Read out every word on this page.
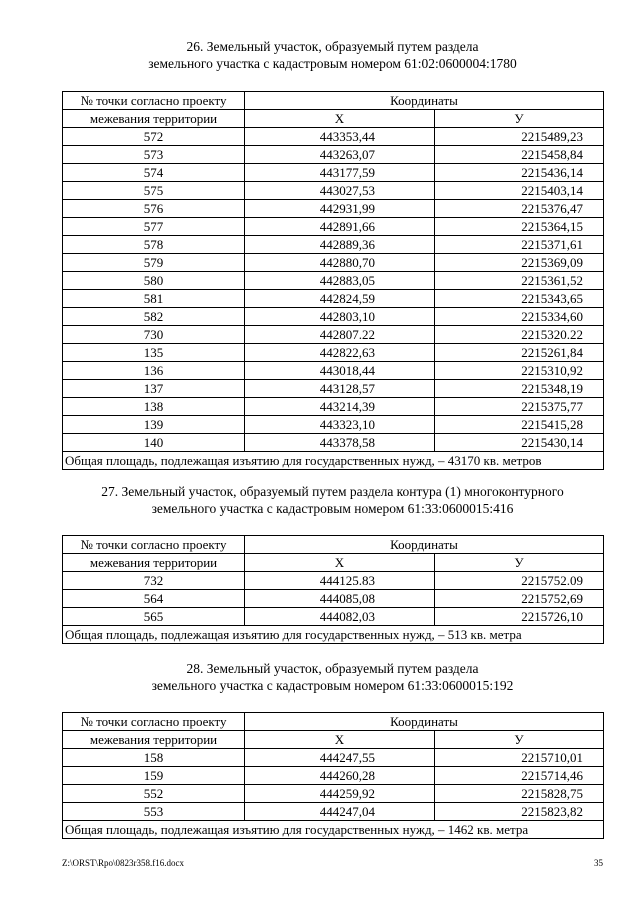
26. Земельный участок, образуемый путем раздела

земельного участка с кадастровым номером 61:02:0600004:1780

№ точки согласно проекту	Координаты	
межевания территории	Х	У
572	443353,44	2215489,23
573	443263,07	2215458,84
574	443177,59	2215436,14
575	443027,53	2215403,14
576	442931,99	2215376,47
577	442891,66	2215364,15
578	442889,36	2215371,61
579	442880,70	2215369,09
580	442883,05	2215361,52
581	442824,59	2215343,65
582	442803,10	2215334,60
730	442807.22	2215320.22
135	442822,63	2215261,84
136	443018,44	2215310,92
137	443128,57	2215348,19
138	443214,39	2215375,77
139	443323,10	2215415,28
140	443378,58	2215430,14
Общая площадь, подлежащая изъятию для государственных нужд, – 43170 кв. метров		

27. Земельный участок, образуемый путем раздела контура (1) многоконтурного

земельного участка с кадастровым номером 61:33:0600015:416

№ точки согласно проекту	Координаты	
межевания территории	Х	У
732	444125.83	2215752.09
564	444085,08	2215752,69
565	444082,03	2215726,10
Общая площадь, подлежащая изъятию для государственных нужд, – 513 кв. метра		

28. Земельный участок, образуемый путем раздела

земельного участка с кадастровым номером 61:33:0600015:192

№ точки согласно проекту	Координаты	
межевания территории	Х	У
158	444247,55	2215710,01
159	444260,28	2215714,46
552	444259,92	2215828,75
553	444247,04	2215823,82
Общая площадь, подлежащая изъятию для государственных нужд, – 1462 кв. метра		
Z:\ORST\Rpo\0823r358.f16.docx	35
